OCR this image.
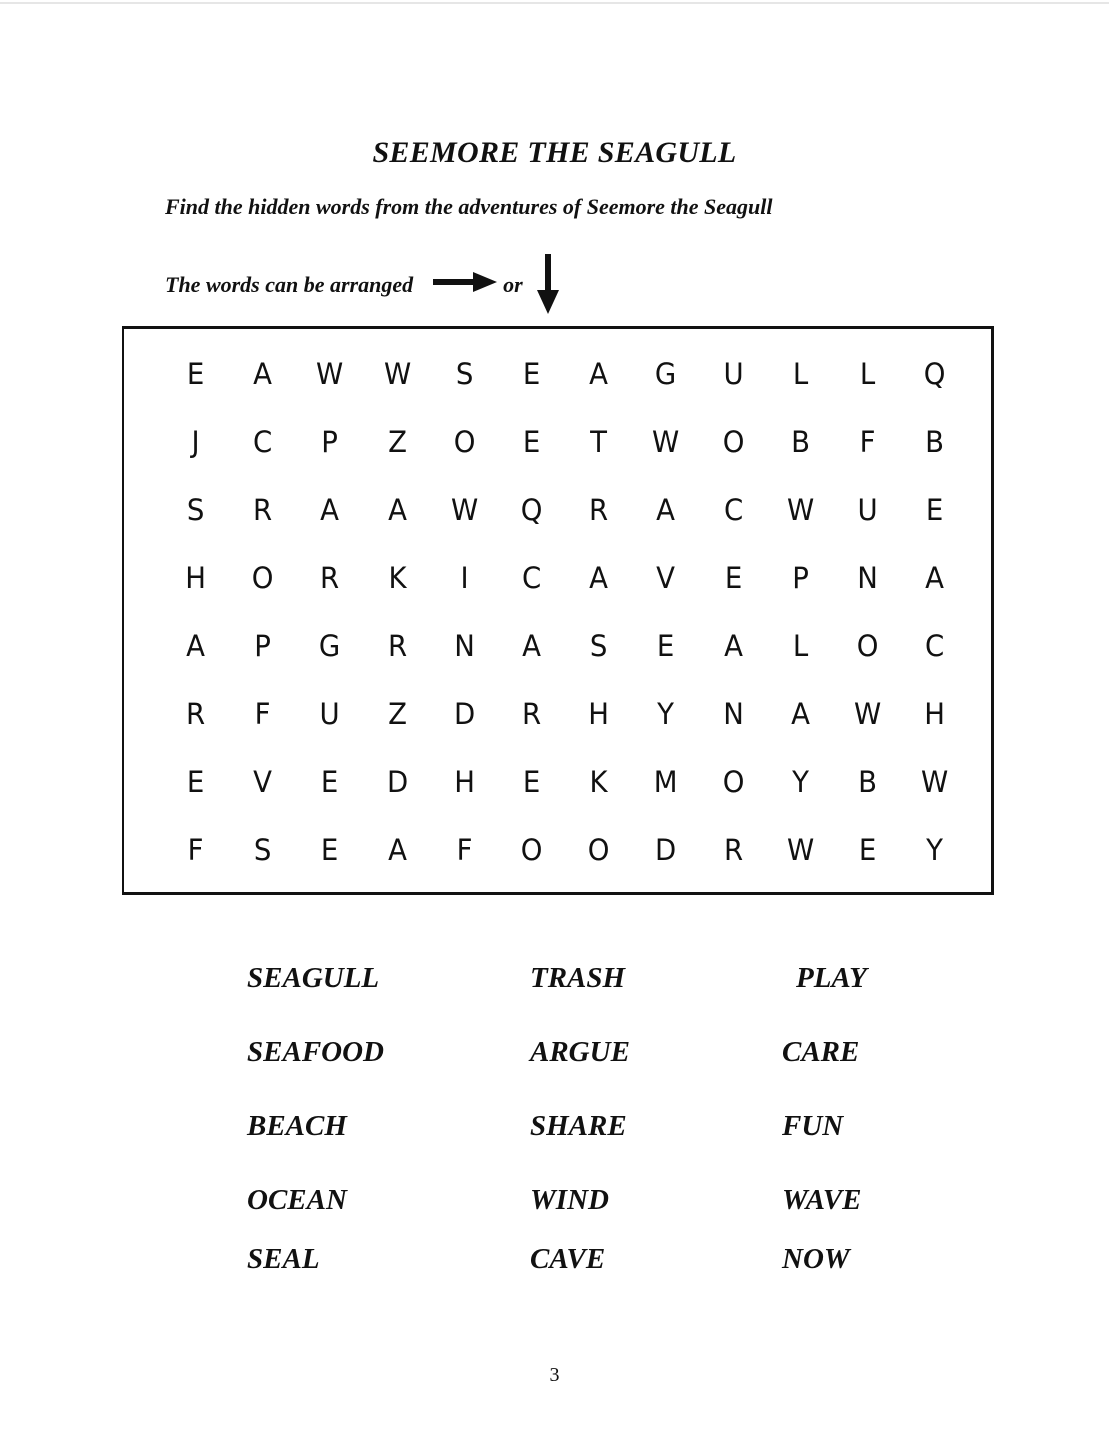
SEEMORE THE SEAGULL
Find the hidden words from the adventures of Seemore the Seagull
The words can be arranged	or
E	A	W	W	S	E	A	G	U	L	L	Q
J	C	P	Z	O	E	T	W	O	B	F	B
S	R	A	A	W	Q	R	A	C	W	U	E
H	O	R	K	I	C	A	V	E	P	N	A
A	P	G	R	N	A	S	E	A	L	O	C
R	F	U	Z	D	R	H	Y	N	A	W	H
E	V	E	D	H	E	K	M	O	Y	B	W
F	S	E	A	F	O	O	D	R	W	E	Y
SEAGULL
SEAFOOD
BEACH
OCEAN
SEAL
TRASH
ARGUE
SHARE
WIND
CAVE
PLAY
CARE
FUN
WAVE
NOW
3
